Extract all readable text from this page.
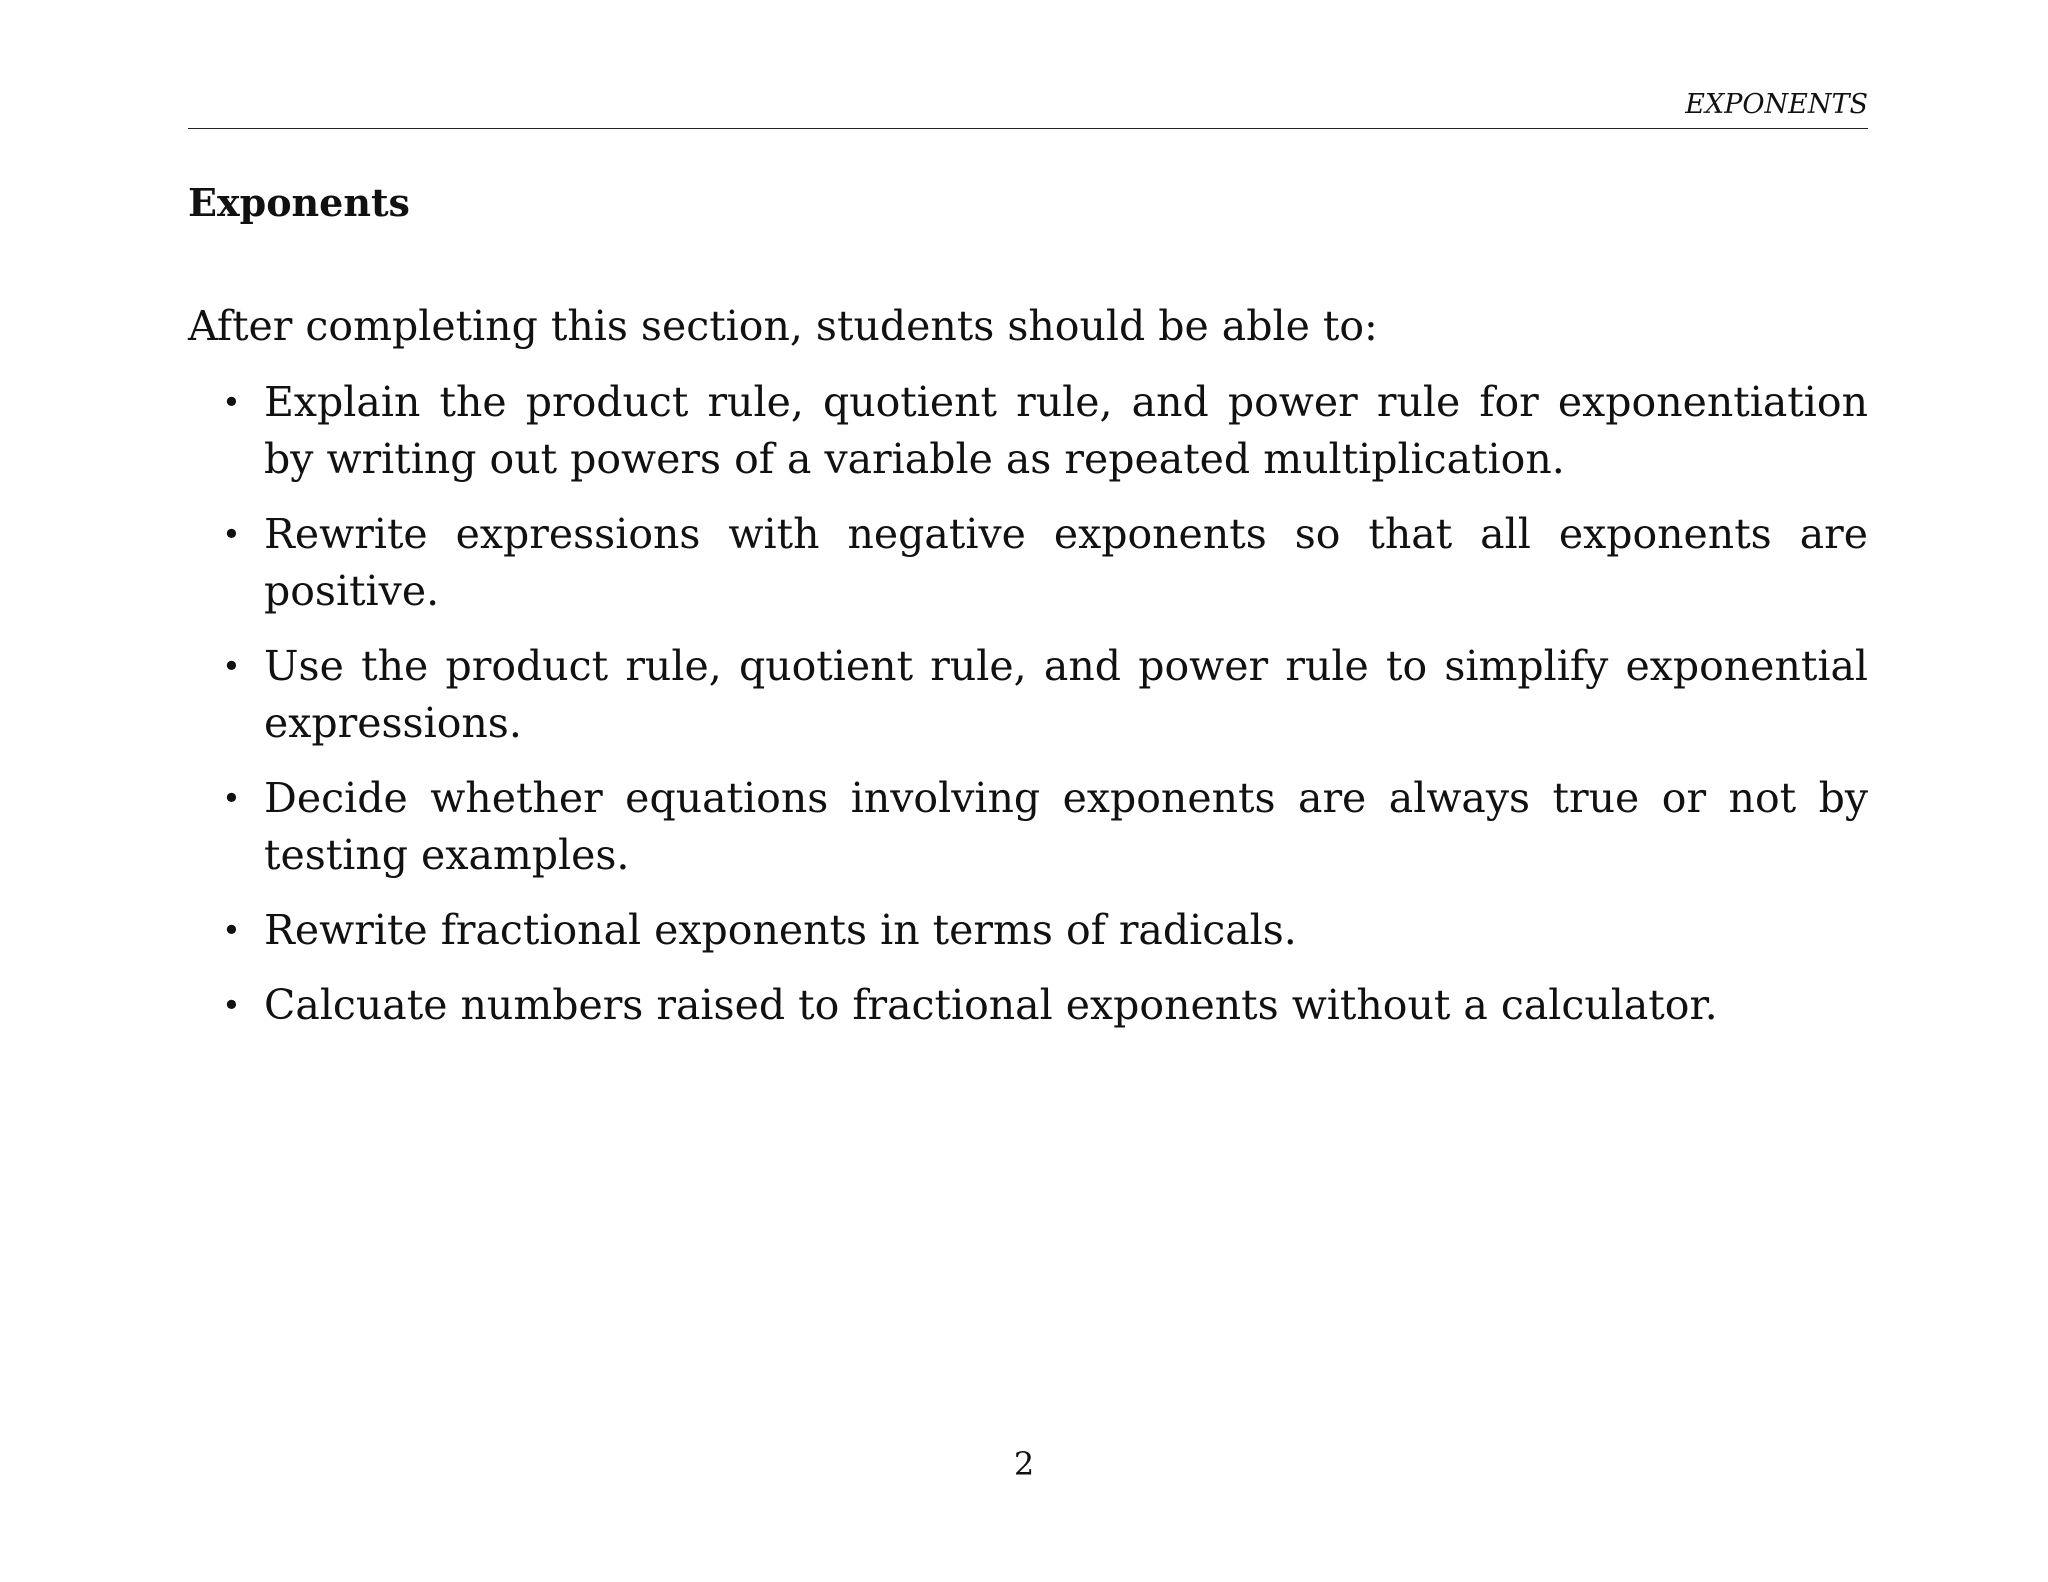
EXPONENTS
Exponents

After completing this section, students should be able to:

• Explain the product rule, quotient rule, and power rule for exponentiation by writing out powers of a variable as repeated multiplication.
• Rewrite expressions with negative exponents so that all exponents are positive.
• Use the product rule, quotient rule, and power rule to simplify exponential expressions.
• Decide whether equations involving exponents are always true or not by testing examples.
• Rewrite fractional exponents in terms of radicals.
• Calcuate numbers raised to fractional exponents without a calculator.
2
